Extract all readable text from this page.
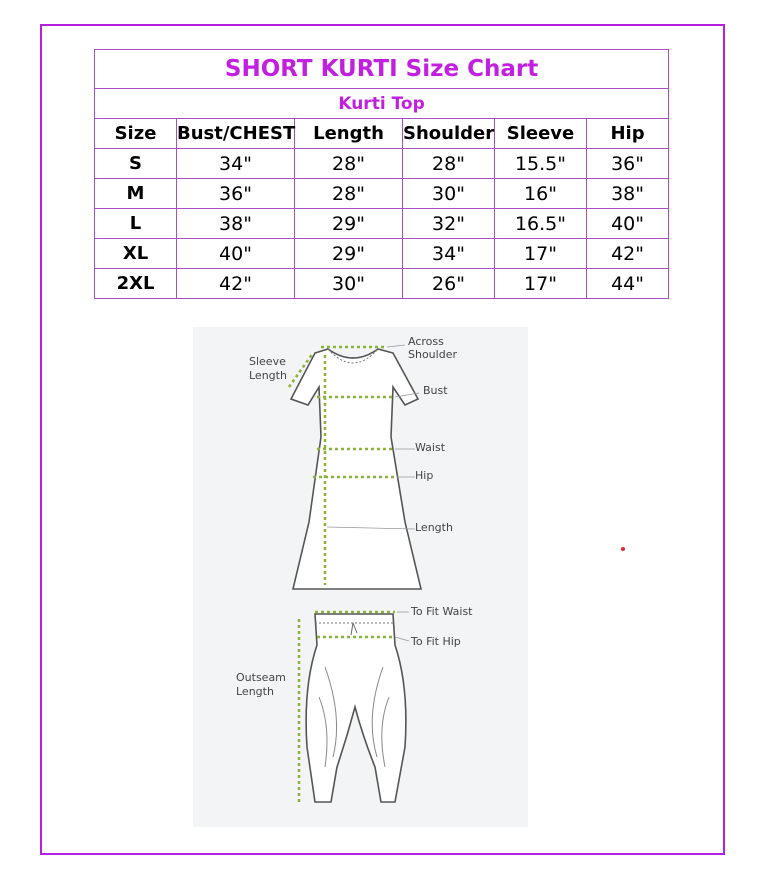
SHORT KURTI Size Chart					
Kurti Top					
Size	Bust/CHEST	Length	Shoulder	Sleeve	Hip
S	34"	28"	28"	15.5"	36"
M	36"	28"	30"	16"	38"
L	38"	29"	32"	16.5"	40"
XL	40"	29"	34"	17"	42"
2XL	42"	30"	26"	17"	44"
Across
Shoulder
Sleeve
Length
Bust
Waist
Hip
Length
To Fit Waist
To Fit Hip
Outseam
Length
